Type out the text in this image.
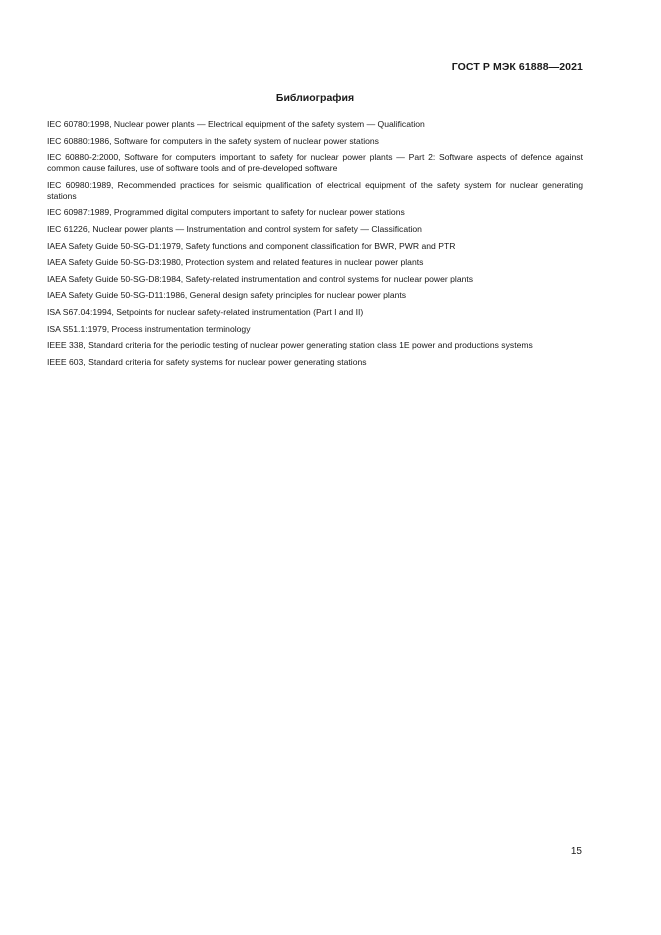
ГОСТ Р МЭК 61888—2021
Библиография
IEC 60780:1998, Nuclear power plants — Electrical equipment of the safety system — Qualification
IEC 60880:1986, Software for computers in the safety system of nuclear power stations
IEC 60880-2:2000, Software for computers important to safety for nuclear power plants — Part 2: Software aspects of defence against common cause failures, use of software tools and of pre-developed software
IEC 60980:1989, Recommended practices for seismic qualification of electrical equipment of the safety system for nuclear generating stations
IEC 60987:1989, Programmed digital computers important to safety for nuclear power stations
IEC 61226, Nuclear power plants — Instrumentation and control system for safety — Classification
IAEA Safety Guide 50-SG-D1:1979, Safety functions and component classification for BWR, PWR and PTR
IAEA Safety Guide 50-SG-D3:1980, Protection system and related features in nuclear power plants
IAEA Safety Guide 50-SG-D8:1984, Safety-related instrumentation and control systems for nuclear power plants
IAEA Safety Guide 50-SG-D11:1986, General design safety principles for nuclear power plants
ISA S67.04:1994, Setpoints for nuclear safety-related instrumentation (Part I and II)
ISA S51.1:1979, Process instrumentation terminology
IEEE 338, Standard criteria for the periodic testing of nuclear power generating station class 1E power and productions systems
IEEE 603, Standard criteria for safety systems for nuclear power generating stations
15
